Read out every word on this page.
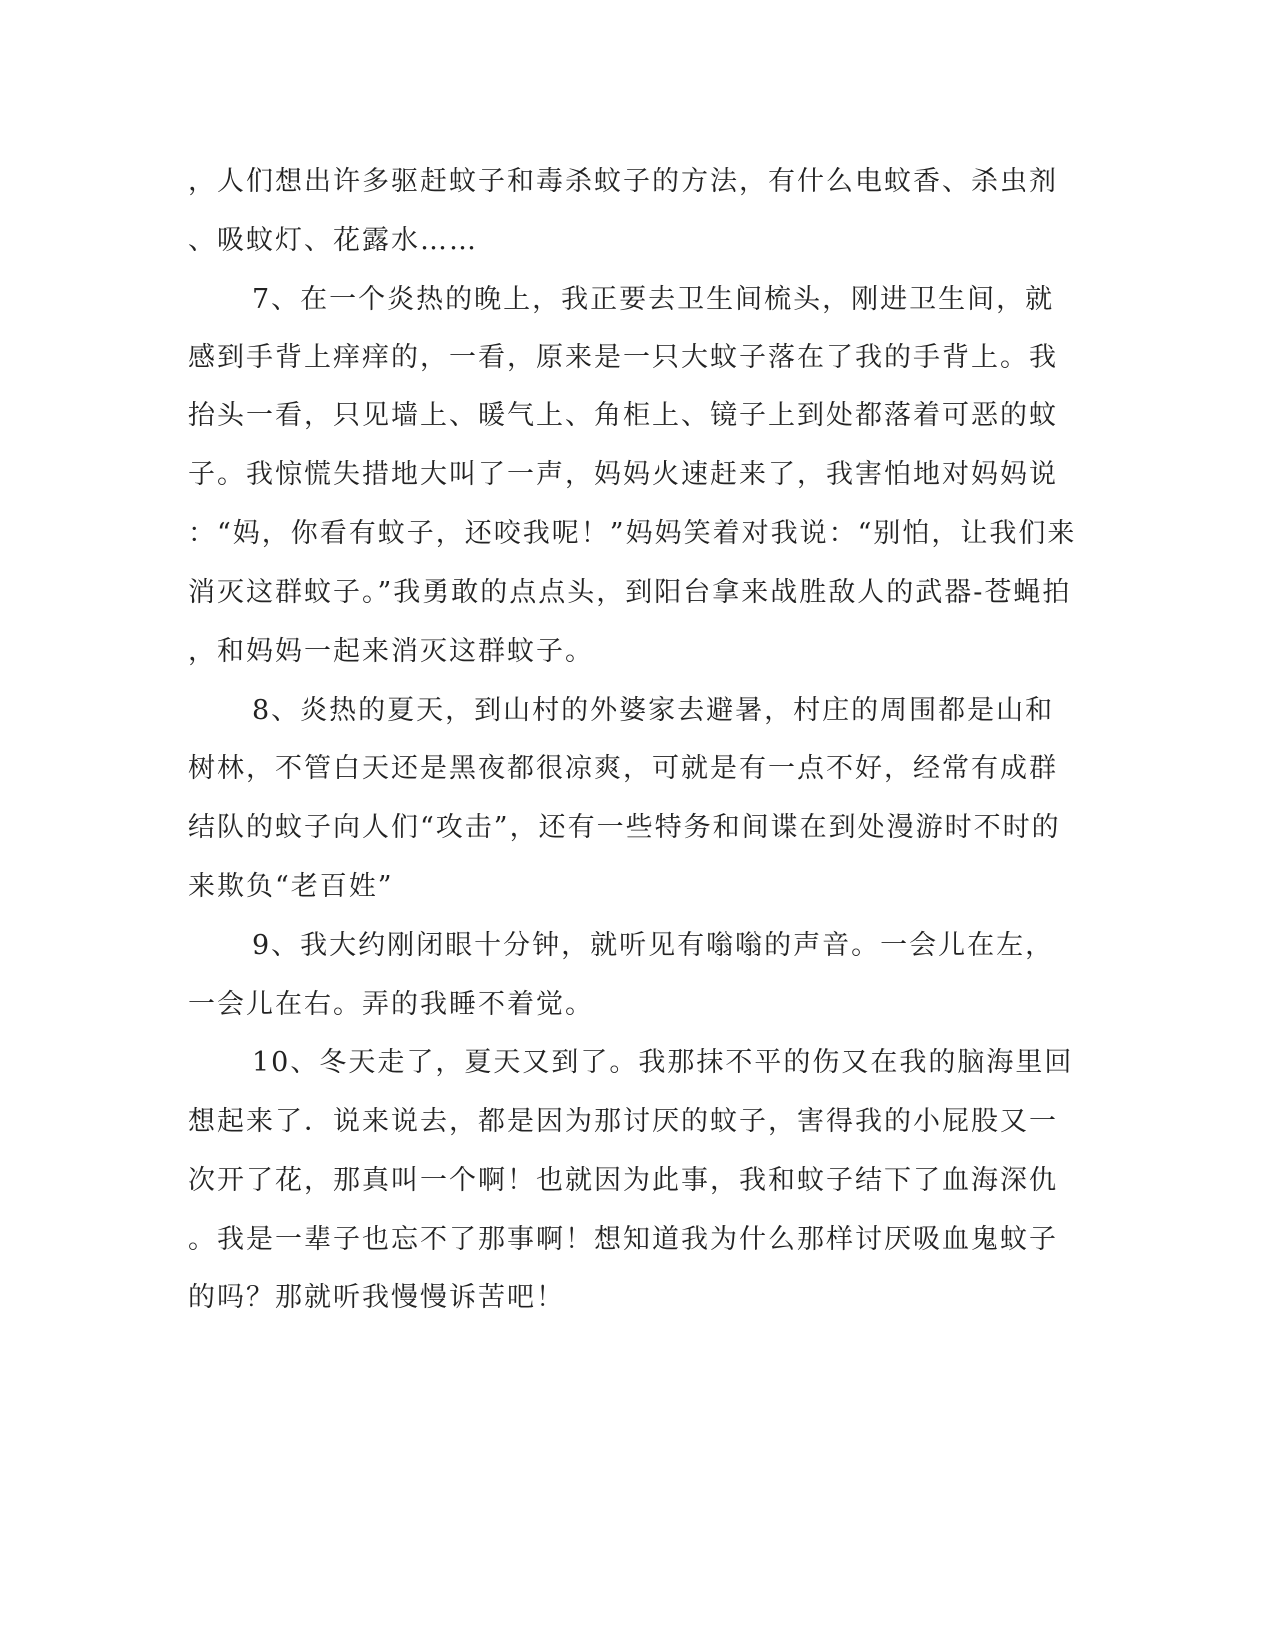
，人们想出许多驱赶蚊子和毒杀蚊子的方法，有什么电蚊香、杀虫剂
、吸蚊灯、花露水……
7、在一个炎热的晚上，我正要去卫生间梳头，刚进卫生间，就
感到手背上痒痒的，一看，原来是一只大蚊子落在了我的手背上。我
抬头一看，只见墙上、暖气上、角柜上、镜子上到处都落着可恶的蚊
子。我惊慌失措地大叫了一声，妈妈火速赶来了，我害怕地对妈妈说
：“妈，你看有蚊子，还咬我呢！”妈妈笑着对我说：“别怕，让我们来
消灭这群蚊子。”我勇敢的点点头，到阳台拿来战胜敌人的武器-苍蝇拍
，和妈妈一起来消灭这群蚊子。
8、炎热的夏天，到山村的外婆家去避暑，村庄的周围都是山和
树林，不管白天还是黑夜都很凉爽，可就是有一点不好，经常有成群
结队的蚊子向人们“攻击”，还有一些特务和间谍在到处漫游时不时的
来欺负“老百姓”
9、我大约刚闭眼十分钟，就听见有嗡嗡的声音。一会儿在左，
一会儿在右。弄的我睡不着觉。
10、冬天走了，夏天又到了。我那抹不平的伤又在我的脑海里回
想起来了．说来说去，都是因为那讨厌的蚊子，害得我的小屁股又一
次开了花，那真叫一个啊！也就因为此事，我和蚊子结下了血海深仇
。我是一辈子也忘不了那事啊！想知道我为什么那样讨厌吸血鬼蚊子
的吗？那就听我慢慢诉苦吧！
